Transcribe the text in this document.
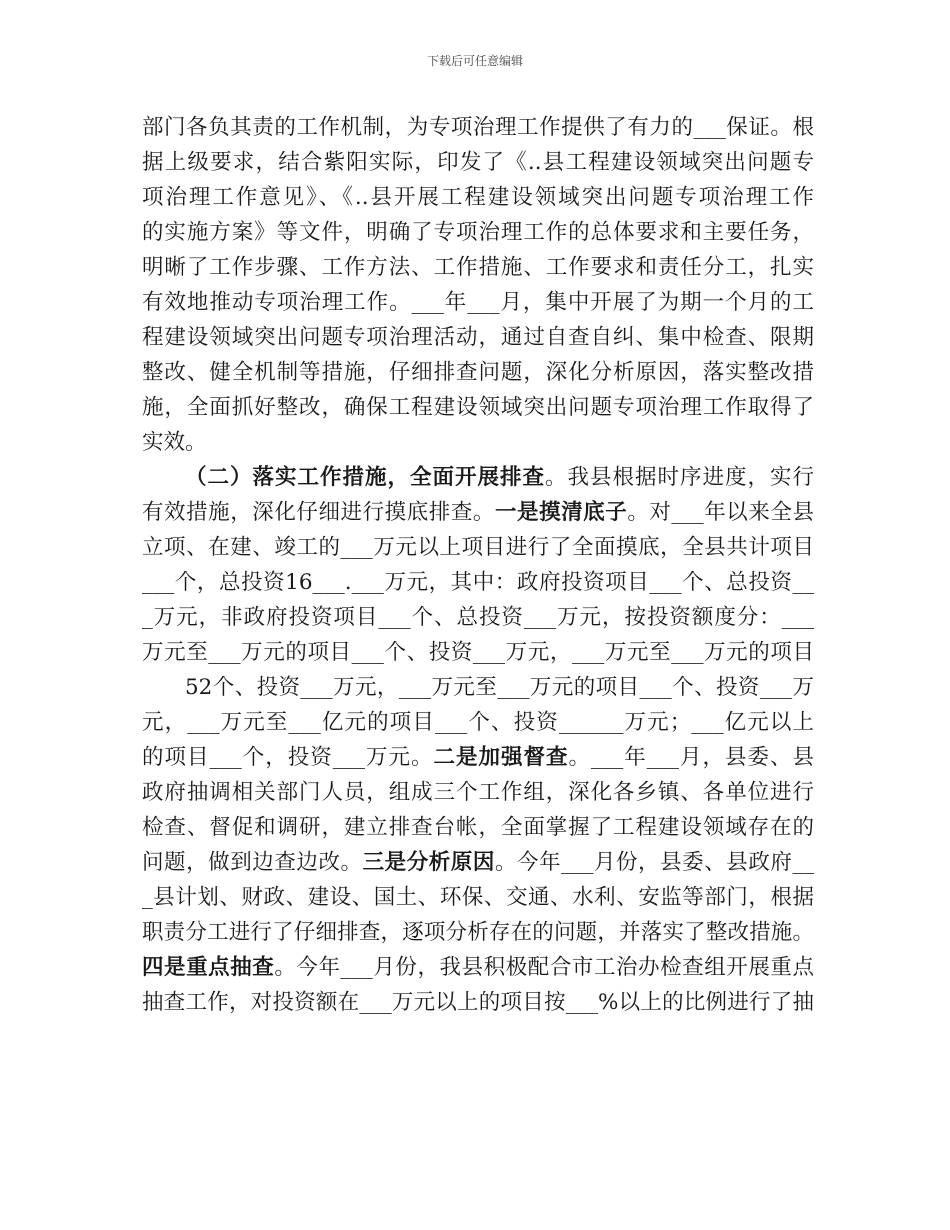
下载后可任意编辑
部门各负其责的工作机制，为专项治理工作提供了有力的___保证。根
据上级要求，结合紫阳实际，印发了《..县工程建设领域突出问题专
项治理工作意见》、《..县开展工程建设领域突出问题专项治理工作
的实施方案》等文件，明确了专项治理工作的总体要求和主要任务，
明晰了工作步骤、工作方法、工作措施、工作要求和责任分工，扎实
有效地推动专项治理工作。___年___月，集中开展了为期一个月的工
程建设领域突出问题专项治理活动，通过自查自纠、集中检查、限期
整改、健全机制等措施，仔细排查问题，深化分析原因，落实整改措
施，全面抓好整改，确保工程建设领域突出问题专项治理工作取得了
实效。
（二）落实工作措施，全面开展排查。我县根据时序进度，实行
有效措施，深化仔细进行摸底排查。一是摸清底子。对___年以来全县
立项、在建、竣工的___万元以上项目进行了全面摸底，全县共计项目
___个，总投资16___.___万元，其中：政府投资项目___个、总投资__
_万元，非政府投资项目___个、总投资___万元，按投资额度分：___
万元至___万元的项目___个、投资___万元，___万元至___万元的项目
52个、投资___万元，___万元至___万元的项目___个、投资___万
元，___万元至___亿元的项目___个、投资______万元；___亿元以上
的项目___个，投资___万元。二是加强督查。___年___月，县委、县
政府抽调相关部门人员，组成三个工作组，深化各乡镇、各单位进行
检查、督促和调研，建立排查台帐，全面掌握了工程建设领域存在的
问题，做到边查边改。三是分析原因。今年___月份，县委、县政府__
_县计划、财政、建设、国土、环保、交通、水利、安监等部门，根据
职责分工进行了仔细排查，逐项分析存在的问题，并落实了整改措施。
四是重点抽查。今年___月份，我县积极配合市工治办检查组开展重点
抽查工作，对投资额在___万元以上的项目按___%以上的比例进行了抽
